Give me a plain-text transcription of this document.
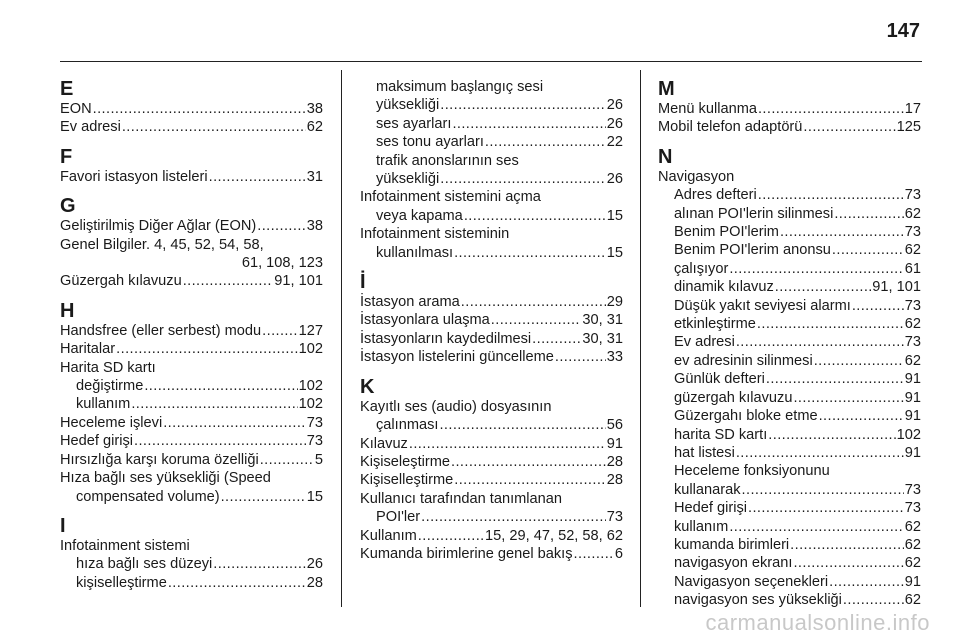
147
E
EON .....	38
Ev adresi .....	62
F
Favori istasyon listeleri .....	31
G
Geliştirilmiş Diğer Ağlar (EON) .....	38
Genel Bilgiler. 4, 45, 52, 54, 58,
61, 108, 123
Güzergah kılavuzu .....	91, 101
H
Handsfree (eller serbest) modu .....	127
Haritalar .....	102
Harita SD kartı
değiştirme .....	102
kullanım .....	102
Heceleme işlevi .....	73
Hedef girişi .....	73
Hırsızlığa karşı koruma özelliği .....	5
Hıza bağlı ses yüksekliği (Speed
compensated volume) .....	15
I
Infotainment sistemi
hıza bağlı ses düzeyi .....	26
kişiselleştirme .....	28
maksimum başlangıç sesi
yüksekliği .....	26
ses ayarları .....	26
ses tonu ayarları .....	22
trafik anonslarının ses
yüksekliği .....	26
Infotainment sistemini açma
veya kapama .....	15
Infotainment sisteminin
kullanılması .....	15
İ
İstasyon arama .....	29
İstasyonlara ulaşma .....	30, 31
İstasyonların kaydedilmesi .....	30, 31
İstasyon listelerini güncelleme .....	33
K
Kayıtlı ses (audio) dosyasının
çalınması .....	56
Kılavuz .....	91
Kişiseleştirme .....	28
Kişiselleştirme .....	28
Kullanıcı tarafından tanımlanan
POI'ler .....	73
Kullanım .....	15, 29, 47, 52, 58, 62
Kumanda birimlerine genel bakış .....	6
M
Menü kullanma .....	17
Mobil telefon adaptörü .....	125
N
Navigasyon
Adres defteri .....	73
alınan POI'lerin silinmesi .....	62
Benim POI'lerim .....	73
Benim POI'lerim anonsu .....	62
çalışıyor .....	61
dinamik kılavuz .....	91, 101
Düşük yakıt seviyesi alarmı .....	73
etkinleştirme .....	62
Ev adresi .....	73
ev adresinin silinmesi .....	62
Günlük defteri .....	91
güzergah kılavuzu .....	91
Güzergahı bloke etme .....	91
harita SD kartı .....	102
hat listesi .....	91
Heceleme fonksiyonunu
kullanarak .....	73
Hedef girişi .....	73
kullanım .....	62
kumanda birimleri .....	62
navigasyon ekranı .....	62
Navigasyon seçenekleri .....	91
navigasyon ses yüksekliği .....	62
carmanualsonline.info
